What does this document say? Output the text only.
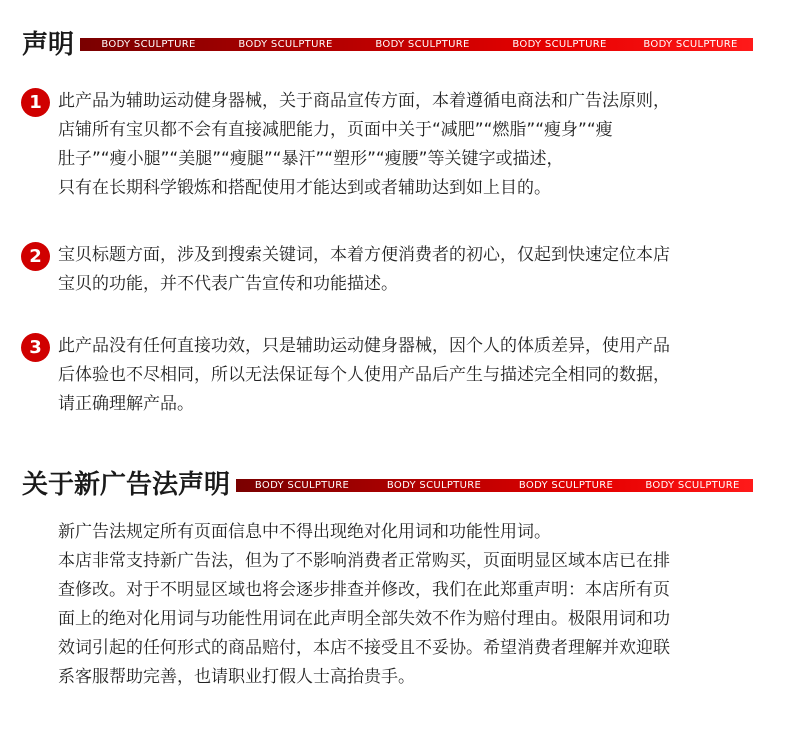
声明	BODY SCULPTURE	BODY SCULPTURE	BODY SCULPTURE	BODY SCULPTURE	BODY SCULPTURE
1 此产品为辅助运动健身器械，关于商品宣传方面，本着遵循电商法和广告法原则，
店铺所有宝贝都不会有直接减肥能力，页面中关于“减肥”“燃脂”“瘦身”“瘦
肚子”“瘦小腿”“美腿”“瘦腿”“暴汗”“塑形”“瘦腰”等关键字或描述，
只有在长期科学锻炼和搭配使用才能达到或者辅助达到如上目的。
2 宝贝标题方面，涉及到搜索关键词，本着方便消费者的初心，仅起到快速定位本店
宝贝的功能，并不代表广告宣传和功能描述。
3 此产品没有任何直接功效，只是辅助运动健身器械，因个人的体质差异，使用产品
后体验也不尽相同，所以无法保证每个人使用产品后产生与描述完全相同的数据，
请正确理解产品。
关于新广告法声明	BODY SCULPTURE	BODY SCULPTURE	BODY SCULPTURE	BODY SCULPTURE
新广告法规定所有页面信息中不得出现绝对化用词和功能性用词。
本店非常支持新广告法，但为了不影响消费者正常购买，页面明显区域本店已在排
查修改。对于不明显区域也将会逐步排查并修改，我们在此郑重声明：本店所有页
面上的绝对化用词与功能性用词在此声明全部失效不作为赔付理由。极限用词和功
效词引起的任何形式的商品赔付，本店不接受且不妥协。希望消费者理解并欢迎联
系客服帮助完善，也请职业打假人士高抬贵手。
